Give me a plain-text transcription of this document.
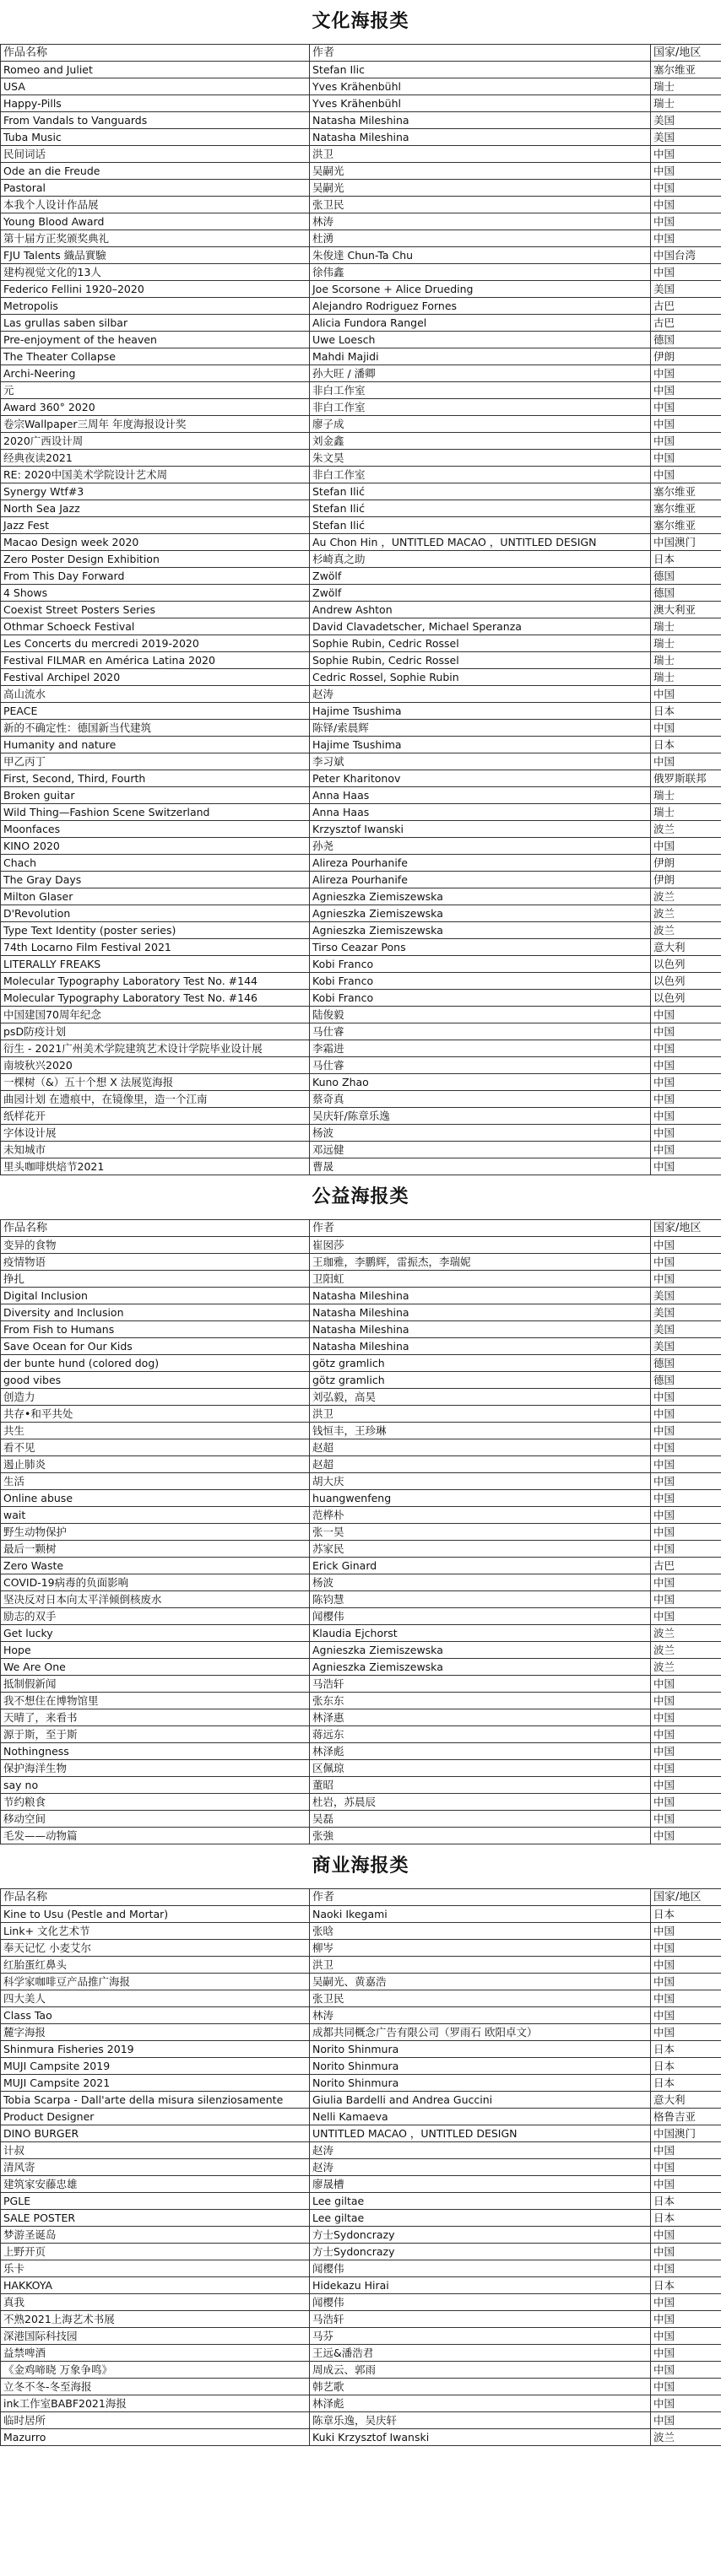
文化海报类
作品名称	作者	国家/地区
Romeo and Juliet	Stefan Ilic	塞尔维亚
USA	Yves Krähenbühl	瑞士
Happy-Pills	Yves Krähenbühl	瑞士
From Vandals to Vanguards	Natasha Mileshina	美国
Tuba Music	Natasha Mileshina	美国
民间词话	洪卫	中国
Ode an die Freude	吴嗣光	中国
Pastoral	吴嗣光	中国
本我个人设计作品展	张卫民	中国
Young Blood Award	林涛	中国
第十届方正奖颁奖典礼	杜湧	中国
FJU Talents 織品實驗	朱俊達 Chun-Ta Chu	中国台湾
建构视觉文化的13人	徐伟鑫	中国
Federico Fellini 1920–2020	Joe Scorsone + Alice Drueding	美国
Metropolis	Alejandro Rodriguez Fornes	古巴
Las grullas saben silbar	Alicia Fundora Rangel	古巴
Pre-enjoyment of the heaven	Uwe Loesch	德国
The Theater Collapse	Mahdi Majidi	伊朗
Archi-Neering	孙大旺 / 潘卿	中国
元	非白工作室	中国
Award 360° 2020	非白工作室	中国
卷宗Wallpaper三周年 年度海报设计奖	廖子成	中国
2020广西设计周	刘金鑫	中国
经典夜读2021	朱文昊	中国
RE: 2020中国美术学院设计艺术周	非白工作室	中国
Synergy Wtf#3	Stefan Ilić	塞尔维亚
North Sea Jazz	Stefan Ilić	塞尔维亚
Jazz Fest	Stefan Ilić	塞尔维亚
Macao Design week 2020	Au Chon Hin ，UNTITLED MACAO ，UNTITLED DESIGN	中国澳门
Zero Poster Design Exhibition	杉崎真之助	日本
From This Day Forward	Zwölf	德国
4 Shows	Zwölf	德国
Coexist Street Posters Series	Andrew Ashton	澳大利亚
Othmar Schoeck Festival	David Clavadetscher, Michael Speranza	瑞士
Les Concerts du mercredi 2019-2020	Sophie Rubin, Cedric Rossel	瑞士
Festival FILMAR en América Latina 2020	Sophie Rubin, Cedric Rossel	瑞士
Festival Archipel 2020	Cedric Rossel, Sophie Rubin	瑞士
高山流水	赵涛	中国
PEACE	Hajime Tsushima	日本
新的不确定性：德国新当代建筑	陈铎/索晨辉	中国
Humanity and nature	Hajime Tsushima	日本
甲乙丙丁	李习斌	中国
First, Second, Third, Fourth	Peter Kharitonov	俄罗斯联邦
Broken guitar	Anna Haas	瑞士
Wild Thing—Fashion Scene Switzerland	Anna Haas	瑞士
Moonfaces	Krzysztof Iwanski	波兰
KINO 2020	孙尧	中国
Chach	Alireza Pourhanife	伊朗
The Gray Days	Alireza Pourhanife	伊朗
Milton Glaser	Agnieszka Ziemiszewska	波兰
D'Revolution	Agnieszka Ziemiszewska	波兰
Type Text Identity (poster series)	Agnieszka Ziemiszewska	波兰
74th Locarno Film Festival 2021	Tirso Ceazar Pons	意大利
LITERALLY FREAKS	Kobi Franco	以色列
Molecular Typography Laboratory Test No. #144	Kobi Franco	以色列
Molecular Typography Laboratory Test No. #146	Kobi Franco	以色列
中国建国70周年纪念	陆俊毅	中国
psD防疫计划	马仕睿	中国
衍生 - 2021广州美术学院建筑艺术设计学院毕业设计展	李霜进	中国
南坡秋兴2020	马仕睿	中国
一棵树（&）五十个想 X 法展览海报	Kuno Zhao	中国
曲园计划 在遗痕中，在镜像里，造一个江南	蔡奇真	中国
纸样花开	吴庆轩/陈章乐逸	中国
字体设计展	杨波	中国
未知城市	邓远健	中国
里头咖啡烘焙节2021	曹晟	中国
公益海报类
作品名称	作者	国家/地区
变异的食物	崔囡莎	中国
疫情物语	王珈雅，李鹏辉，雷振杰，李瑞妮	中国
挣扎	卫阳虹	中国
Digital Inclusion	Natasha Mileshina	美国
Diversity and Inclusion	Natasha Mileshina	美国
From Fish to Humans	Natasha Mileshina	美国
Save Ocean for Our Kids	Natasha Mileshina	美国
der bunte hund (colored dog)	götz gramlich	德国
good vibes	götz gramlich	德国
创造力	刘弘毅，高昊	中国
共存•和平共处	洪卫	中国
共生	钱恒丰，王珍琳	中国
看不见	赵超	中国
遏止肺炎	赵超	中国
生活	胡大庆	中国
Online abuse	huangwenfeng	中国
wait	范桦朴	中国
野生动物保护	张一昊	中国
最后一颗树	苏家民	中国
Zero Waste	Erick Ginard	古巴
COVID-19病毒的负面影响	杨波	中国
坚决反对日本向太平洋倾倒核废水	陈钧慧	中国
励志的双手	闻樱伟	中国
Get lucky	Klaudia Ejchorst	波兰
Hope	Agnieszka Ziemiszewska	波兰
We Are One	Agnieszka Ziemiszewska	波兰
抵制假新闻	马浩轩	中国
我不想住在博物馆里	张东东	中国
天晴了，来看书	林泽惠	中国
源于斯，至于斯	蒋远东	中国
Nothingness	林泽彪	中国
保护海洋生物	区佩琼	中国
say no	董昭	中国
节约粮食	杜岩，苏晨辰	中国
移动空间	吴磊	中国
毛发——动物篇	张強	中国
商业海报类
作品名称	作者	国家/地区
Kine to Usu (Pestle and Mortar)	Naoki Ikegami	日本
Link+ 文化艺术节	张晗	中国
奉天记忆 小麦艾尔	柳岑	中国
红胎蛋红鼻头	洪卫	中国
科学家咖啡豆产品推广海报	吴嗣光、黄嘉浩	中国
四大美人	张卫民	中国
Class Tao	林涛	中国
麓字海报	成都共同概念广告有限公司（罗雨石 欧阳卓文）	中国
Shinmura Fisheries 2019	Norito Shinmura	日本
MUJI Campsite 2019	Norito Shinmura	日本
MUJI Campsite 2021	Norito Shinmura	日本
Tobia Scarpa - Dall'arte della misura silenziosamente	Giulia Bardelli and Andrea Guccini	意大利
Product Designer	Nelli Kamaeva	格鲁吉亚
DINO BURGER	UNTITLED MACAO ，UNTITLED DESIGN	中国澳门
计叔	赵涛	中国
清风寄	赵涛	中国
建筑家安藤忠雄	廖晟槽	中国
PGLE	Lee giltae	日本
SALE POSTER	Lee giltae	日本
梦游圣诞岛	方士Sydoncrazy	中国
上野开页	方士Sydoncrazy	中国
乐卡	闻樱伟	中国
HAKKOYA	Hidekazu Hirai	日本
真我	闻樱伟	中国
不熟2021上海艺术书展	马浩轩	中国
深港国际科技园	马芬	中国
益禁啤酒	王远&潘浩君	中国
《金鸡啼晓 万象争鸣》	周成云、郭雨	中国
立冬不冬-冬至海报	韩艺歌	中国
ink工作室BABF2021海报	林泽彪	中国
临时居所	陈章乐逸，吴庆轩	中国
Mazurro	Kuki Krzysztof Iwanski	波兰
